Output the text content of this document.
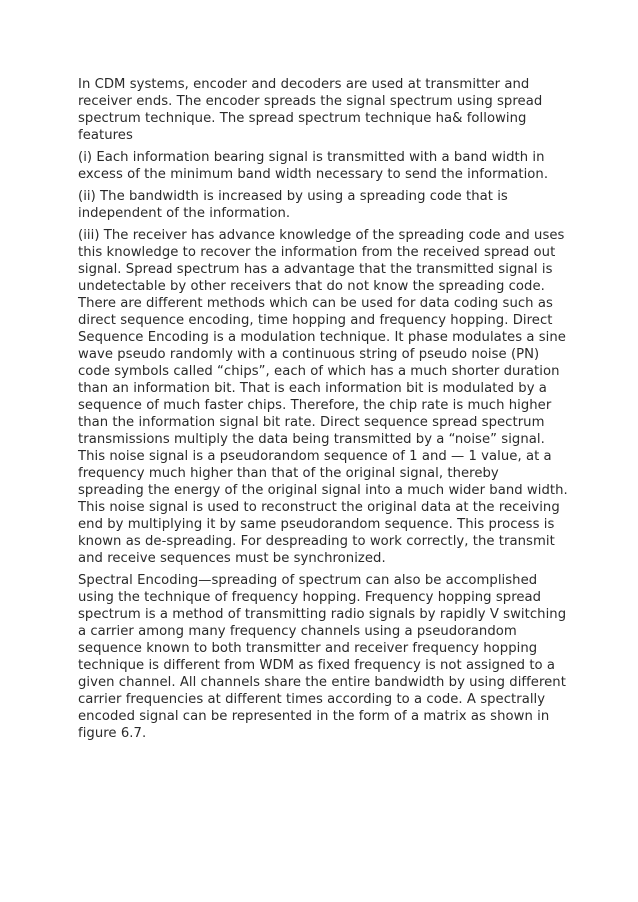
In CDM systems, encoder and decoders are used at transmitter and receiver ends. The encoder spreads the signal spectrum using spread spectrum technique. The spread spectrum technique ha& following features

(i) Each information bearing signal is transmitted with a band width in excess of the minimum band width necessary to send the information.

(ii) The bandwidth is increased by using a spreading code that is independent of the information.

(iii) The receiver has advance knowledge of the spreading code and uses this knowledge to recover the information from the received spread out signal. Spread spectrum has a advantage that the transmitted signal is undetectable by other receivers that do not know the spreading code. There are different methods which can be used for data coding such as direct sequence encoding, time hopping and frequency hopping. Direct Sequence Encoding is a modulation technique. It phase modulates a sine wave pseudo randomly with a continuous string of pseudo noise (PN) code symbols called “chips”, each of which has a much shorter duration than an information bit. That is each information bit is modulated by a sequence of much faster chips. Therefore, the chip rate is much higher than the information signal bit rate. Direct sequence spread spectrum transmissions multiply the data being transmitted by a “noise” signal. This noise signal is a pseudorandom sequence of 1 and — 1 value, at a frequency much higher than that of the original signal, thereby spreading the energy of the original signal into a much wider band width. This noise signal is used to reconstruct the original data at the receiving end by multiplying it by same pseudorandom sequence. This process is known as de-spreading. For despreading to work correctly, the transmit and receive sequences must be synchronized.

Spectral Encoding—spreading of spectrum can also be accomplished using the technique of frequency hopping. Frequency hopping spread spectrum is a method of transmitting radio signals by rapidly V switching a carrier among many frequency channels using a pseudorandom sequence known to both transmitter and receiver frequency hopping technique is different from WDM as fixed frequency is not assigned to a given channel. All channels share the entire bandwidth by using different carrier frequencies at different times according to a code. A spectrally encoded signal can be represented in the form of a matrix as shown in figure 6.7.
